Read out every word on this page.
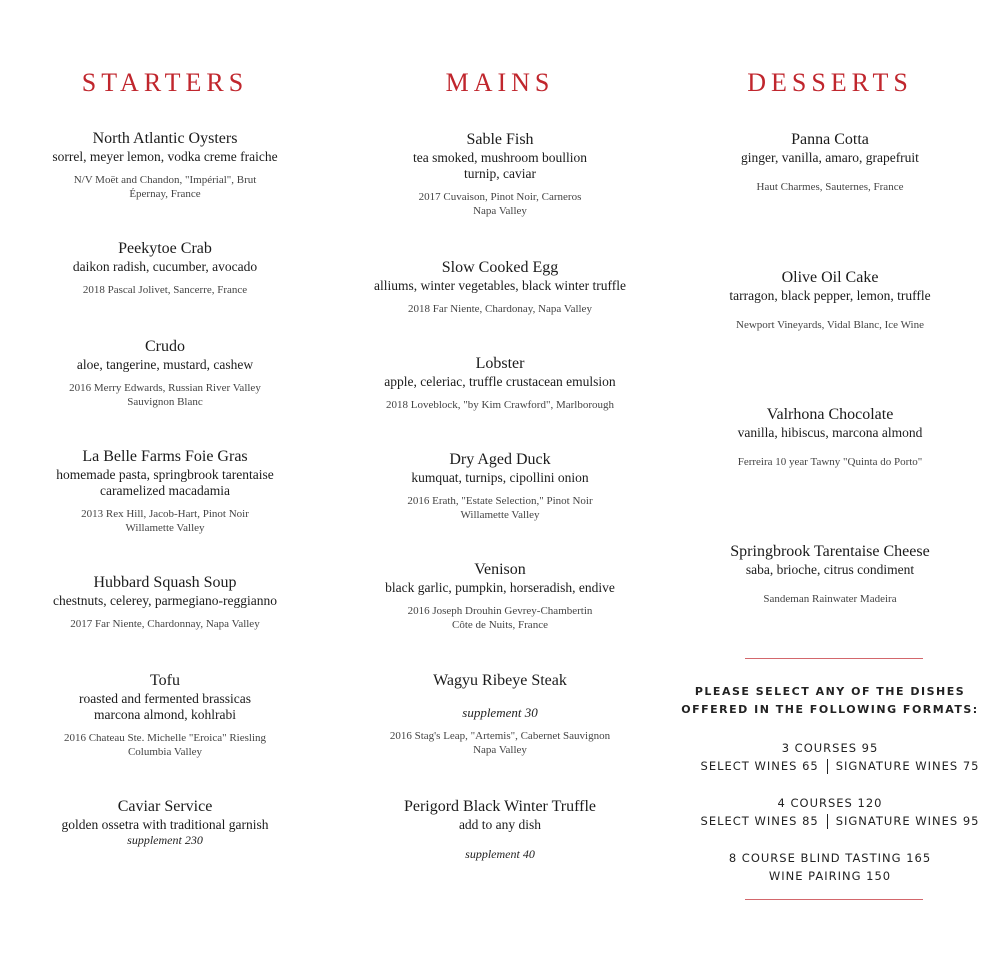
STARTERS
North Atlantic Oysters
sorrel, meyer lemon, vodka creme fraiche
N/V Moët and Chandon, "Impérial", Brut
Épernay, France
Peekytoe Crab
daikon radish, cucumber, avocado
2018 Pascal Jolivet, Sancerre, France
Crudo
aloe, tangerine, mustard, cashew
2016 Merry Edwards, Russian River Valley
Sauvignon Blanc
La Belle Farms Foie Gras
homemade pasta, springbrook tarentaise
caramelized macadamia
2013 Rex Hill, Jacob-Hart, Pinot Noir
Willamette Valley
Hubbard Squash Soup
chestnuts, celerey, parmegiano-reggianno
2017 Far Niente, Chardonnay, Napa Valley
Tofu
roasted and fermented brassicas
marcona almond, kohlrabi
2016 Chateau Ste. Michelle "Eroica" Riesling
Columbia Valley
Caviar Service
golden ossetra with traditional garnish
supplement 230
MAINS
Sable Fish
tea smoked, mushroom boullion
turnip, caviar
2017 Cuvaison, Pinot Noir, Carneros
Napa Valley
Slow Cooked Egg
alliums, winter vegetables, black winter truffle
2018 Far Niente, Chardonay, Napa Valley
Lobster
apple, celeriac, truffle crustacean emulsion
2018 Loveblock, "by Kim Crawford", Marlborough
Dry Aged Duck
kumquat, turnips, cipollini onion
2016 Erath, "Estate Selection," Pinot Noir
Willamette Valley
Venison
black garlic, pumpkin, horseradish, endive
2016 Joseph Drouhin Gevrey-Chambertin
Côte de Nuits, France
Wagyu Ribeye Steak
supplement 30
2016 Stag's Leap, "Artemis", Cabernet Sauvignon
Napa Valley
Perigord Black Winter Truffle
add to any dish
supplement 40
DESSERTS
Panna Cotta
ginger, vanilla, amaro, grapefruit
Haut Charmes, Sauternes, France
Olive Oil Cake
tarragon, black pepper, lemon, truffle
Newport Vineyards, Vidal Blanc, Ice Wine
Valrhona Chocolate
vanilla, hibiscus, marcona almond
Ferreira 10 year Tawny "Quinta do Porto"
Springbrook Tarentaise Cheese
saba, brioche, citrus condiment
Sandeman Rainwater Madeira
PLEASE SELECT ANY OF THE DISHES
OFFERED IN THE FOLLOWING FORMATS:
3 COURSES 95
SELECT WINES 65 SIGNATURE WINES 75
4 COURSES 120
SELECT WINES 85 SIGNATURE WINES 95
8 COURSE BLIND TASTING 165
WINE PAIRING 150
